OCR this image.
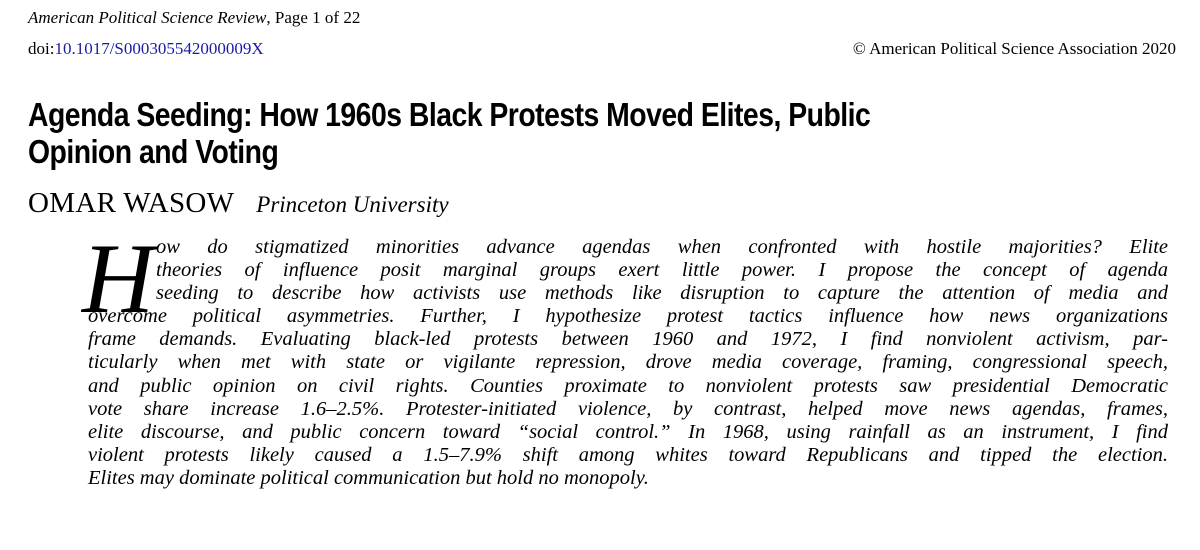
American Political Science Review, Page 1 of 22
doi:10.1017/S000305542000009X	© American Political Science Association 2020
Agenda Seeding: How 1960s Black Protests Moved Elites, Public
Opinion and Voting
OMAR WASOW Princeton University
H ow do stigmatized minorities advance agendas when confronted with hostile majorities? Elite
theories of influence posit marginal groups exert little power. I propose the concept of agenda
seeding to describe how activists use methods like disruption to capture the attention of media and
overcome political asymmetries. Further, I hypothesize protest tactics influence how news organizations
frame demands. Evaluating black-led protests between 1960 and 1972, I find nonviolent activism, par-
ticularly when met with state or vigilante repression, drove media coverage, framing, congressional speech,
and public opinion on civil rights. Counties proximate to nonviolent protests saw presidential Democratic
vote share increase 1.6–2.5%. Protester-initiated violence, by contrast, helped move news agendas, frames,
elite discourse, and public concern toward “social control.” In 1968, using rainfall as an instrument, I find
violent protests likely caused a 1.5–7.9% shift among whites toward Republicans and tipped the election.
Elites may dominate political communication but hold no monopoly.
